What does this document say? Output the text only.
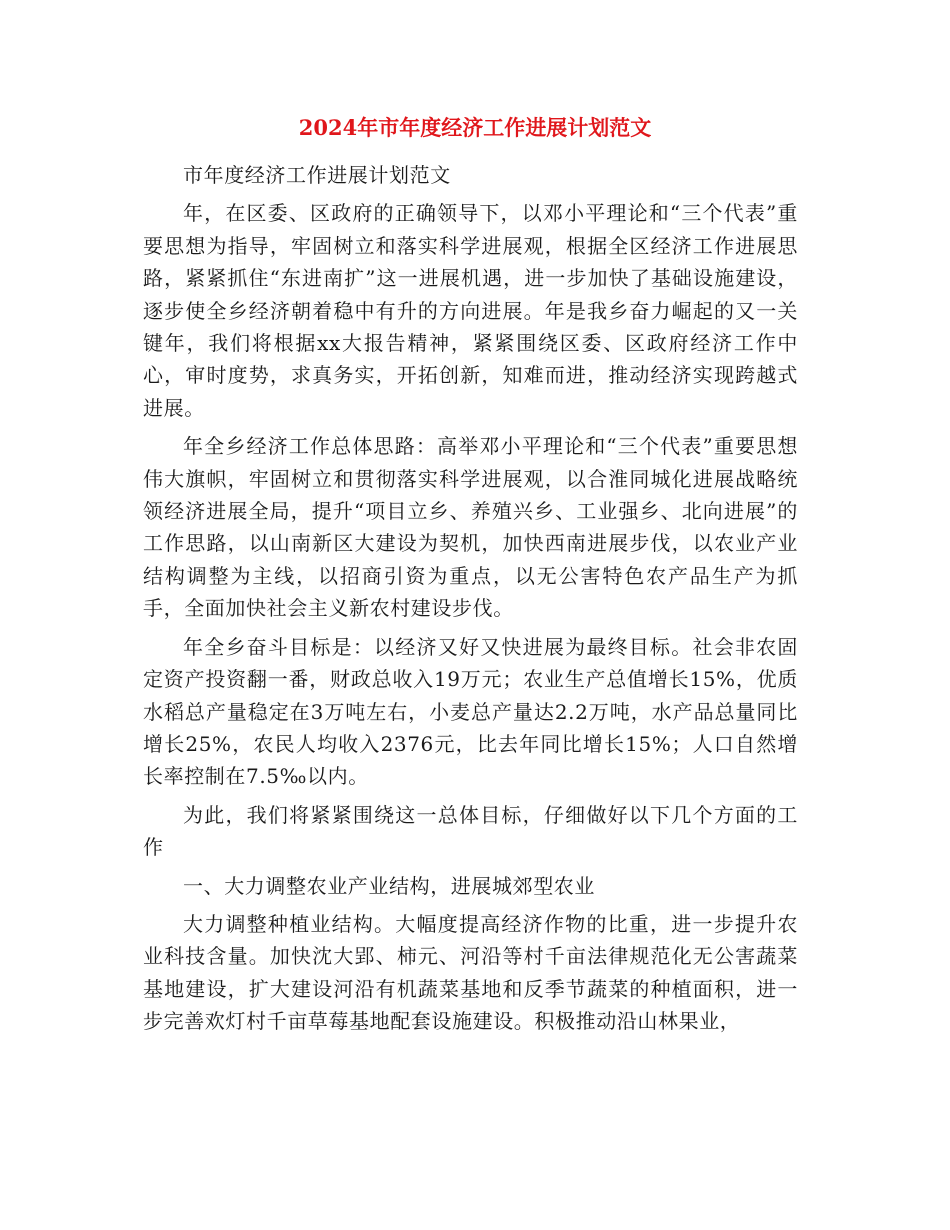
2024年市年度经济工作进展计划范文

市年度经济工作进展计划范文

年，在区委、区政府的正确领导下，以邓小平理论和“三个代表”重要思想为指导，牢固树立和落实科学进展观，根据全区经济工作进展思路，紧紧抓住“东进南扩”这一进展机遇，进一步加快了基础设施建设，逐步使全乡经济朝着稳中有升的方向进展。年是我乡奋力崛起的又一关键年，我们将根据xx大报告精神，紧紧围绕区委、区政府经济工作中心，审时度势，求真务实，开拓创新，知难而进，推动经济实现跨越式进展。

年全乡经济工作总体思路：高举邓小平理论和“三个代表”重要思想伟大旗帜，牢固树立和贯彻落实科学进展观，以合淮同城化进展战略统领经济进展全局，提升“项目立乡、养殖兴乡、工业强乡、北向进展”的工作思路，以山南新区大建设为契机，加快西南进展步伐，以农业产业结构调整为主线，以招商引资为重点，以无公害特色农产品生产为抓手，全面加快社会主义新农村建设步伐。

年全乡奋斗目标是：以经济又好又快进展为最终目标。社会非农固定资产投资翻一番，财政总收入19万元；农业生产总值增长15%，优质水稻总产量稳定在3万吨左右，小麦总产量达2.2万吨，水产品总量同比增长25%，农民人均收入2376元，比去年同比增长15%；人口自然增长率控制在7.5‰以内。

为此，我们将紧紧围绕这一总体目标，仔细做好以下几个方面的工作

一、大力调整农业产业结构，进展城郊型农业

大力调整种植业结构。大幅度提高经济作物的比重，进一步提升农业科技含量。加快沈大郢、柿元、河沿等村千亩法律规范化无公害蔬菜基地建设，扩大建设河沿有机蔬菜基地和反季节蔬菜的种植面积，进一步完善欢灯村千亩草莓基地配套设施建设。积极推动沿山林果业，
